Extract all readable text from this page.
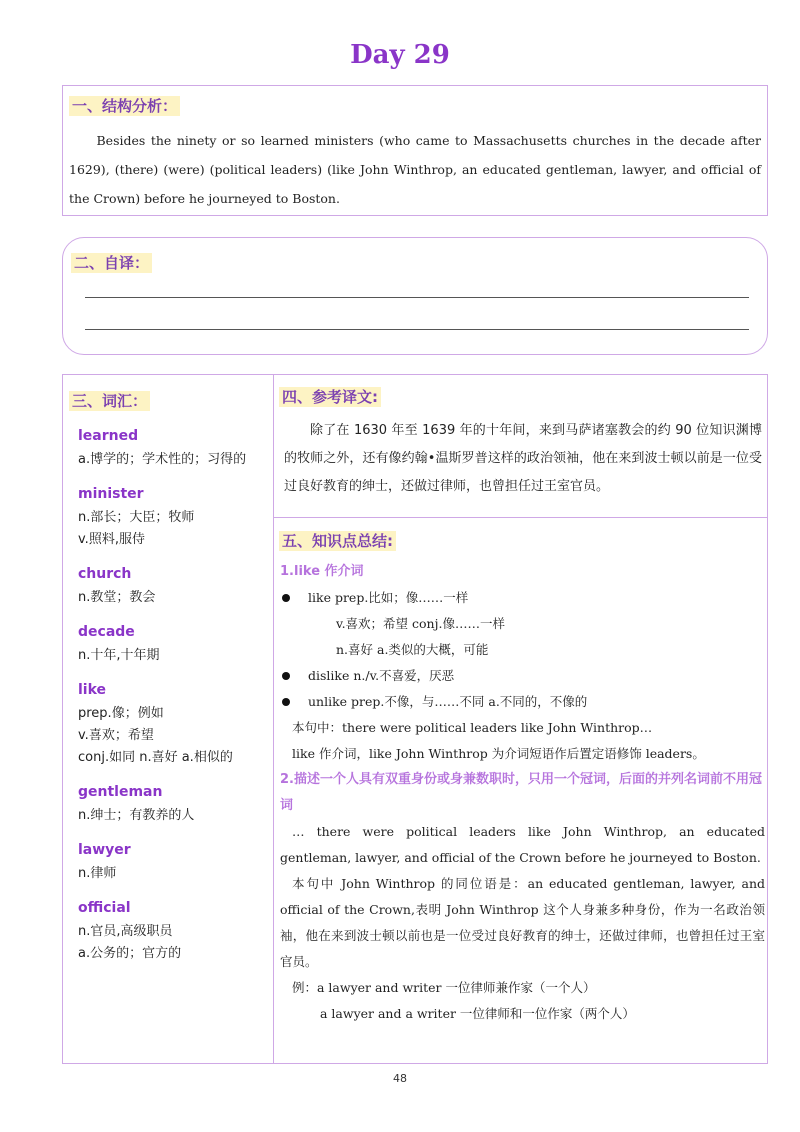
Day 29
一、结构分析：

Besides the ninety or so learned ministers (who came to Massachusetts churches in the decade after 1629), (there) (were) (political leaders) (like John Winthrop, an educated gentleman, lawyer, and official of the Crown) before he journeyed to Boston.

二、自译：
三、词汇：
learned
a.博学的；学术性的；习得的
minister
n.部长；大臣；牧师
v.照料,服侍
church
n.教堂；教会
decade
n.十年,十年期
like
prep.像；例如
v.喜欢；希望
conj.如同 n.喜好 a.相似的
gentleman
n.绅士；有教养的人
lawyer
n.律师
official
n.官员,高级职员
a.公务的；官方的
四、参考译文:

除了在 1630 年至 1639 年的十年间，来到马萨诸塞教会的约 90 位知识渊博的牧师之外，还有像约翰•温斯罗普这样的政治领袖，他在来到波士顿以前是一位受过良好教育的绅士，还做过律师，也曾担任过王室官员。

五、知识点总结:
1.like 作介词
like prep.比如；像……一样
v.喜欢；希望 conj.像……一样
n.喜好 a.类似的大概，可能
dislike n./v.不喜爱，厌恶
unlike prep.不像，与……不同 a.不同的，不像的
本句中：there were political leaders like John Winthrop…
like 作介词，like John Winthrop 为介词短语作后置定语修饰 leaders。
2.描述一个人具有双重身份或身兼数职时，只用一个冠词，后面的并列名词前不用冠词
… there were political leaders like John Winthrop, an educated gentleman, lawyer, and official of the Crown before he journeyed to Boston.
本句中 John Winthrop 的同位语是：an educated gentleman, lawyer, and official of the Crown,表明 John Winthrop 这个人身兼多种身份，作为一名政治领袖，他在来到波士顿以前也是一位受过良好教育的绅士，还做过律师，也曾担任过王室官员。
例：a lawyer and writer 一位律师兼作家（一个人）
a lawyer and a writer 一位律师和一位作家（两个人）
48
